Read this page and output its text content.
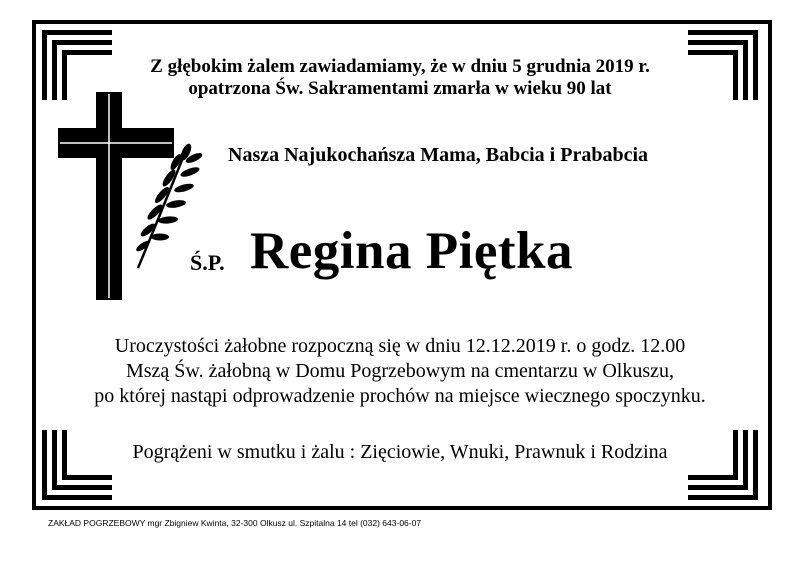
Z głębokim żalem zawiadamiamy, że w dniu 5 grudnia 2019 r.
opatrzona Św. Sakramentami zmarła w wieku 90 lat
Nasza Najukochańsza Mama, Babcia i Prababcia
Ś.P. Regina Piętka
Uroczystości żałobne rozpoczną się w dniu 12.12.2019 r. o godz. 12.00
Mszą Św. żałobną w Domu Pogrzebowym na cmentarzu w Olkuszu,
po której nastąpi odprowadzenie prochów na miejsce wiecznego spoczynku.
Pogrążeni w smutku i żalu : Zięciowie, Wnuki, Prawnuk i Rodzina
ZAKŁAD POGRZEBOWY mgr Zbigniew Kwinta, 32-300 Olkusz ul. Szpitalna 14 tel (032) 643-06-07
